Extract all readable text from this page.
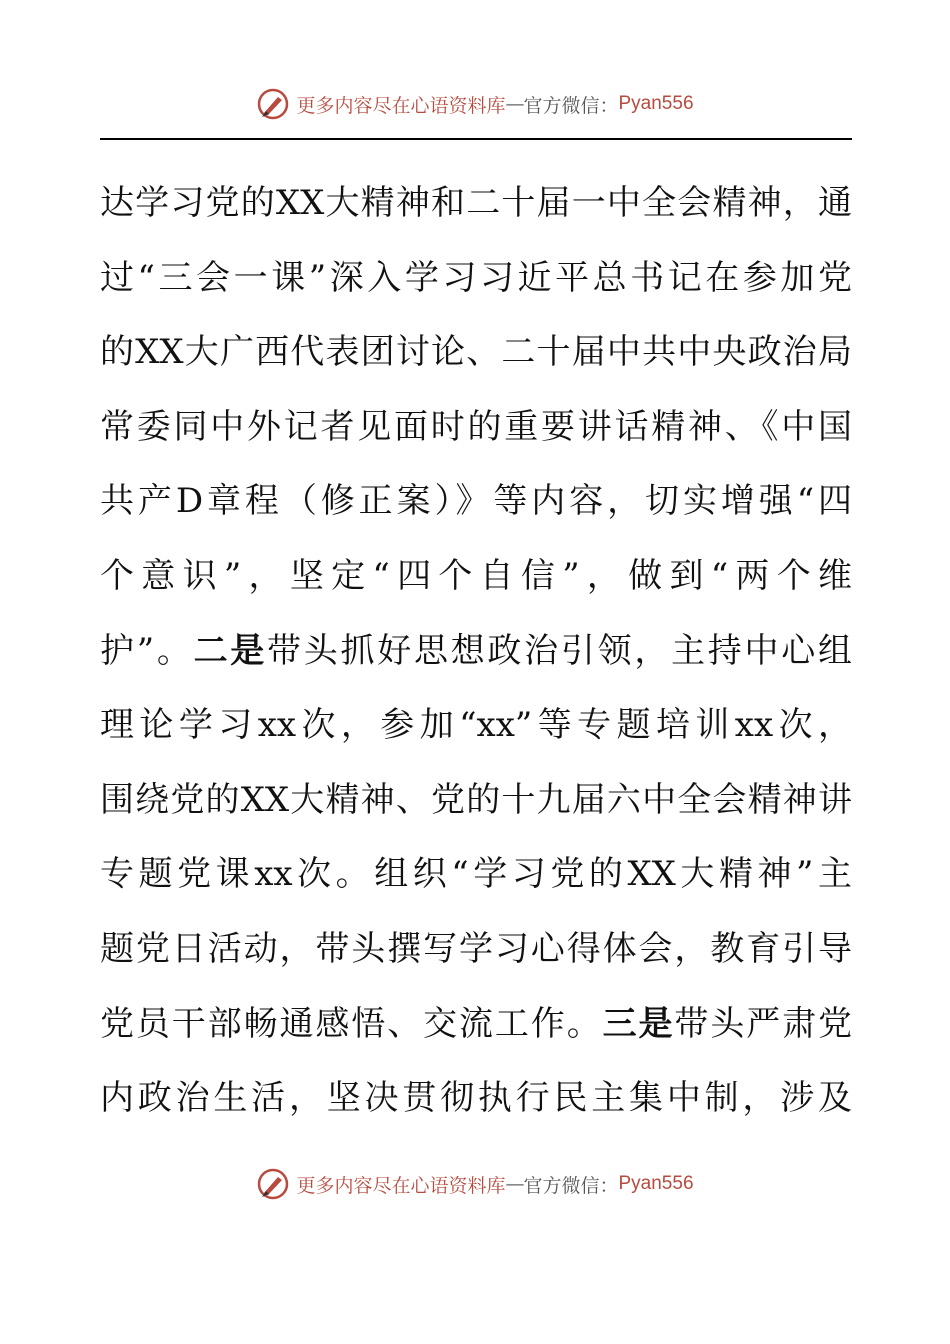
更多内容尽在心语资料库 — 官方微信： Pyan556
达学习党的XX大精神和二十届一中全会精神，通
过“三会一课”深入学习习近平总书记在参加党
的XX大广西代表团讨论、二十届中共中央政治局
常委同中外记者见面时的重要讲话精神、《中国
共产D章程（修正案）》等内容，切实增强“四
个意识”，坚定“四个自信”，做到“两个维
护”。二是带头抓好思想政治引领，主持中心组
理论学习xx次，参加“xx”等专题培训xx次，
围绕党的XX大精神、党的十九届六中全会精神讲
专题党课xx次。组织“学习党的XX大精神”主
题党日活动，带头撰写学习心得体会，教育引导
党员干部畅通感悟、交流工作。三是带头严肃党
内政治生活，坚决贯彻执行民主集中制，涉及
更多内容尽在心语资料库 — 官方微信： Pyan556
